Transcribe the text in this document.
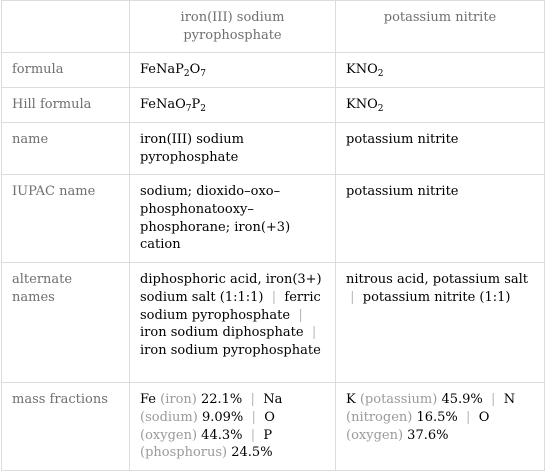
	iron(III) sodium pyrophosphate	potassium nitrite
formula	$FeNaP_2O_7$	$KNO_2$
Hill formula	$FeNaO_7P_2$	$KNO_2$
name	iron(III) sodium pyrophosphate	potassium nitrite
IUPAC name	sodium; dioxido–oxo–phosphonatooxy–phosphorane; iron(+3) cation	potassium nitrite
alternate names	diphosphoric acid, iron(3+) sodium salt (1:1:1)  |  ferric sodium pyrophosphate  |  iron sodium diphosphate  |  iron sodium pyrophosphate	nitrous acid, potassium salt  |  potassium nitrite (1:1)
mass fractions	Fe (iron) 22.1%  |  Na (sodium) 9.09%  |  O (oxygen) 44.3%  |  P (phosphorus) 24.5%	K (potassium) 45.9%  |  N (nitrogen) 16.5%  |  O (oxygen) 37.6%
